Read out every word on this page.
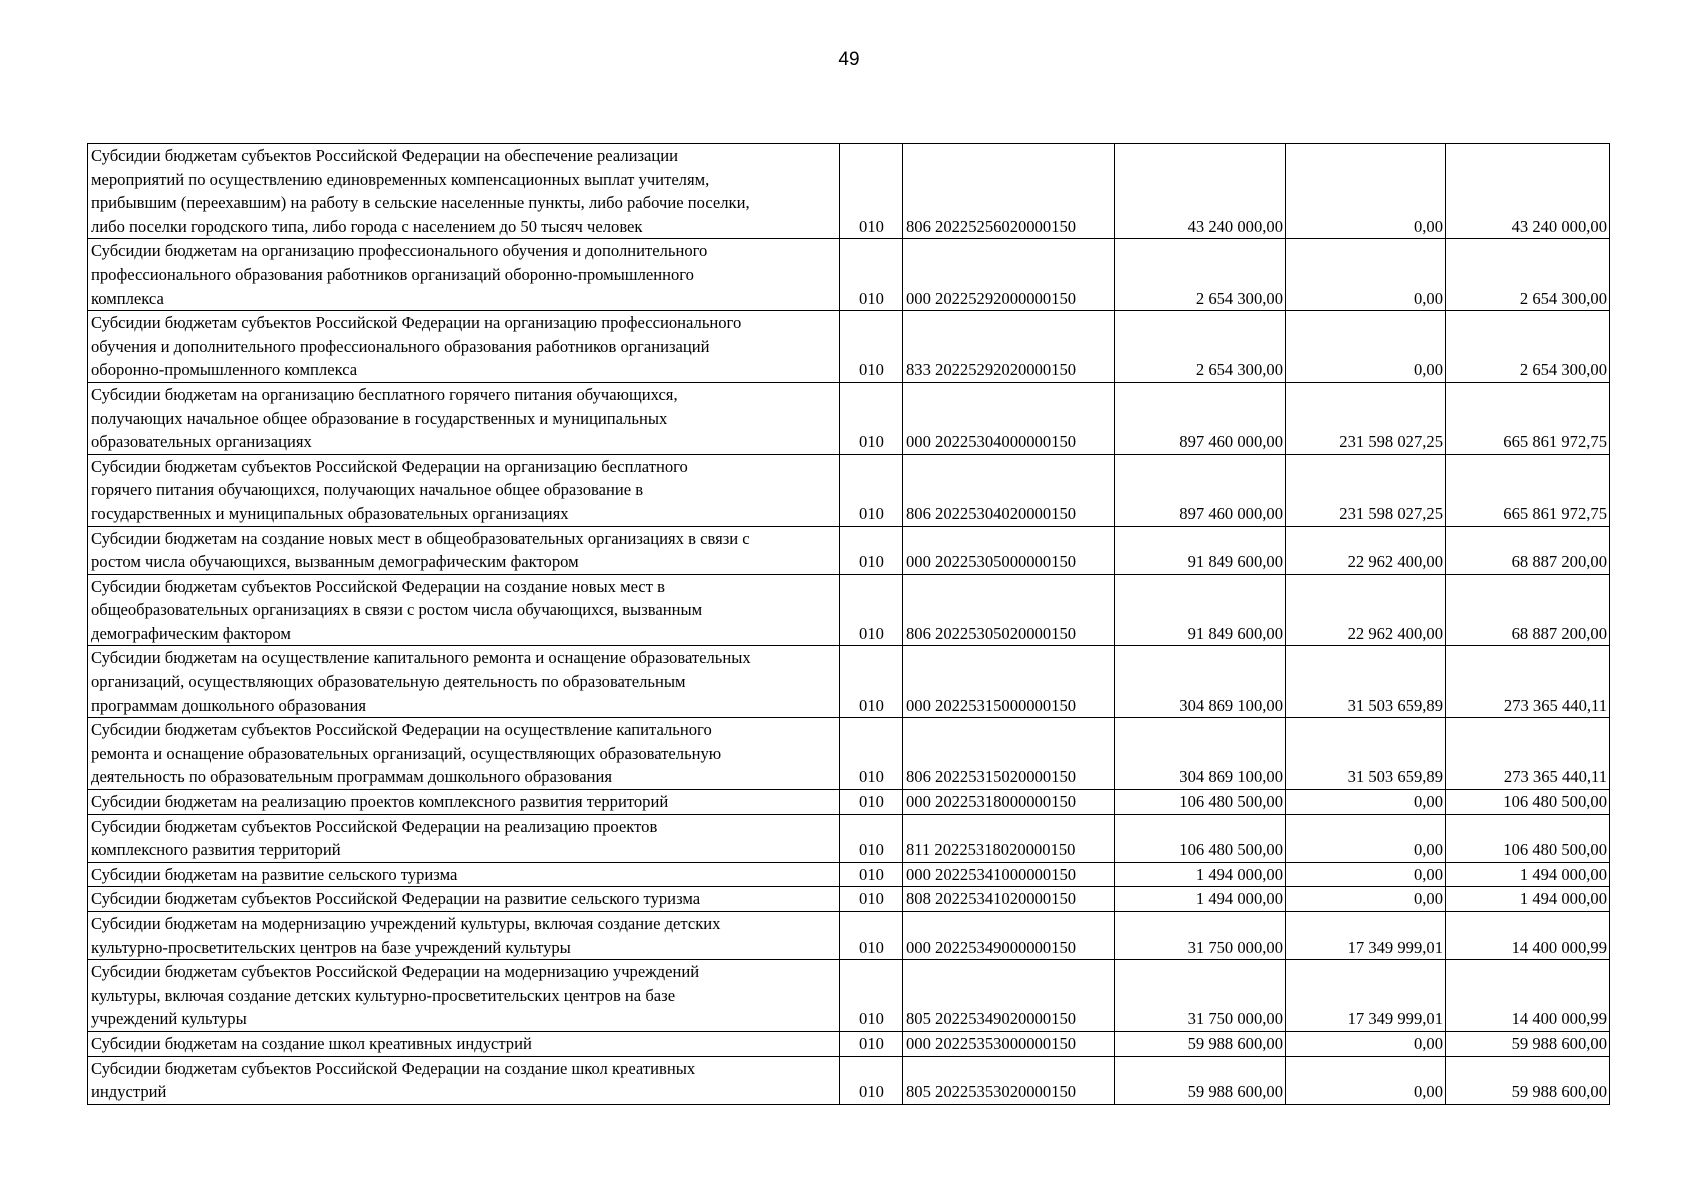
49
Субсидии бюджетам субъектов Российской Федерации на обеспечение реализации
мероприятий по осуществлению единовременных компенсационных выплат учителям,
прибывшим (переехавшим) на работу в сельские населенные пункты, либо рабочие поселки,
либо поселки городского типа, либо города с населением до 50 тысяч человек	010	806 20225256020000150	43 240 000,00	0,00	43 240 000,00
Субсидии бюджетам на организацию профессионального обучения и дополнительного
профессионального образования работников организаций оборонно-промышленного
комплекса	010	000 20225292000000150	2 654 300,00	0,00	2 654 300,00
Субсидии бюджетам субъектов Российской Федерации на организацию профессионального
обучения и дополнительного профессионального образования работников организаций
оборонно-промышленного комплекса	010	833 20225292020000150	2 654 300,00	0,00	2 654 300,00
Субсидии бюджетам на организацию бесплатного горячего питания обучающихся,
получающих начальное общее образование в государственных и муниципальных
образовательных организациях	010	000 20225304000000150	897 460 000,00	231 598 027,25	665 861 972,75
Субсидии бюджетам субъектов Российской Федерации на организацию бесплатного
горячего питания обучающихся, получающих начальное общее образование в
государственных и муниципальных образовательных организациях	010	806 20225304020000150	897 460 000,00	231 598 027,25	665 861 972,75
Субсидии бюджетам на создание новых мест в общеобразовательных организациях в связи с
ростом числа обучающихся, вызванным демографическим фактором	010	000 20225305000000150	91 849 600,00	22 962 400,00	68 887 200,00
Субсидии бюджетам субъектов Российской Федерации на создание новых мест в
общеобразовательных организациях в связи с ростом числа обучающихся, вызванным
демографическим фактором	010	806 20225305020000150	91 849 600,00	22 962 400,00	68 887 200,00
Субсидии бюджетам на осуществление капитального ремонта и оснащение образовательных
организаций, осуществляющих образовательную деятельность по образовательным
программам дошкольного образования	010	000 20225315000000150	304 869 100,00	31 503 659,89	273 365 440,11
Субсидии бюджетам субъектов Российской Федерации на осуществление капитального
ремонта и оснащение образовательных организаций, осуществляющих образовательную
деятельность по образовательным программам дошкольного образования	010	806 20225315020000150	304 869 100,00	31 503 659,89	273 365 440,11
Субсидии бюджетам на реализацию проектов комплексного развития территорий	010	000 20225318000000150	106 480 500,00	0,00	106 480 500,00
Субсидии бюджетам субъектов Российской Федерации на реализацию проектов
комплексного развития территорий	010	811 20225318020000150	106 480 500,00	0,00	106 480 500,00
Субсидии бюджетам на развитие сельского туризма	010	000 20225341000000150	1 494 000,00	0,00	1 494 000,00
Субсидии бюджетам субъектов Российской Федерации на развитие сельского туризма	010	808 20225341020000150	1 494 000,00	0,00	1 494 000,00
Субсидии бюджетам на модернизацию учреждений культуры, включая создание детских
культурно-просветительских центров на базе учреждений культуры	010	000 20225349000000150	31 750 000,00	17 349 999,01	14 400 000,99
Субсидии бюджетам субъектов Российской Федерации на модернизацию учреждений
культуры, включая создание детских культурно-просветительских центров на базе
учреждений культуры	010	805 20225349020000150	31 750 000,00	17 349 999,01	14 400 000,99
Субсидии бюджетам на создание школ креативных индустрий	010	000 20225353000000150	59 988 600,00	0,00	59 988 600,00
Субсидии бюджетам субъектов Российской Федерации на создание школ креативных
индустрий	010	805 20225353020000150	59 988 600,00	0,00	59 988 600,00
